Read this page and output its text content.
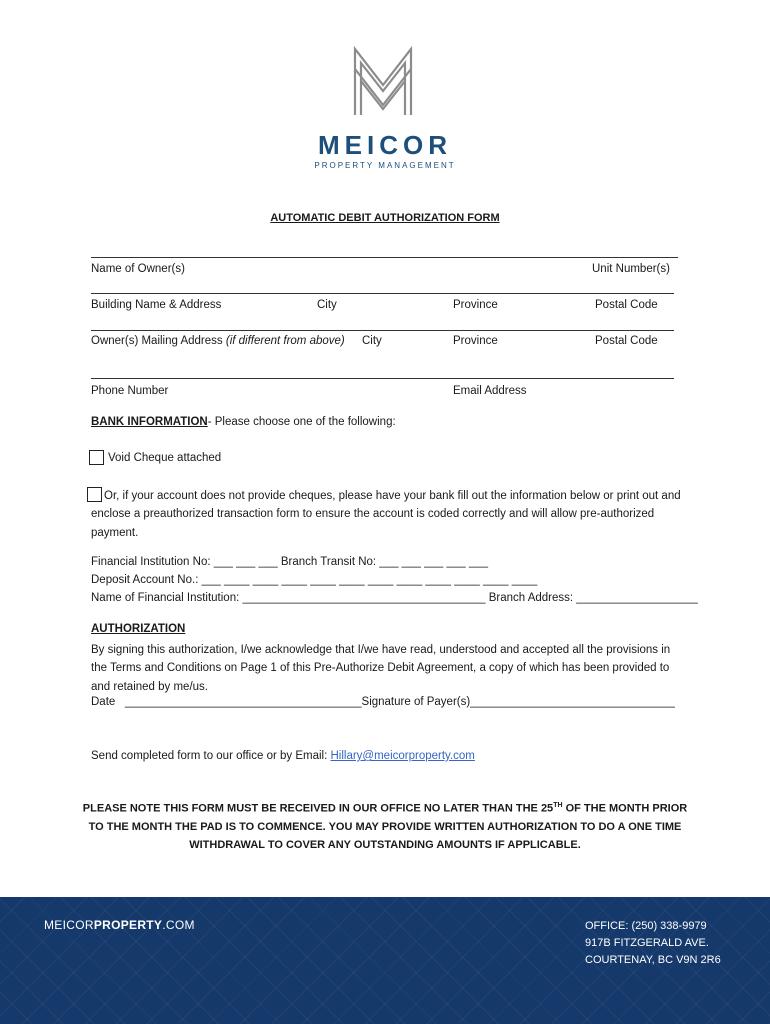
MEICOR
PROPERTY MANAGEMENT
AUTOMATIC DEBIT AUTHORIZATION FORM
Name of Owner(s)	Unit Number(s)
Building Name & Address	City	Province	Postal Code
Owner(s) Mailing Address (if different from above) City	Province	Postal Code
Phone Number	Email Address
BANK INFORMATION- Please choose one of the following:
Void Cheque attached
Or, if your account does not provide cheques, please have your bank fill out the information below or print out and enclose a preauthorized transaction form to ensure the account is coded correctly and will allow pre-authorized payment.
Financial Institution No: ___ ___ ___ Branch Transit No: ___ ___ ___ ___ ___
Deposit Account No.: ___ ____ ____ ____ ____ ____ ____ ____ ____ ____ ____ ____
Name of Financial Institution: ______________________________________ Branch Address: ___________________
AUTHORIZATION
By signing this authorization, I/we acknowledge that I/we have read, understood and accepted all the provisions in the Terms and Conditions on Page 1 of this Pre-Authorize Debit Agreement, a copy of which has been provided to and retained by me/us.
Date   _____________________________________Signature of Payer(s)________________________________
Send completed form to our office or by Email: Hillary@meicorproperty.com
PLEASE NOTE THIS FORM MUST BE RECEIVED IN OUR OFFICE NO LATER THAN THE 25TH OF THE MONTH PRIOR TO THE MONTH THE PAD IS TO COMMENCE. YOU MAY PROVIDE WRITTEN AUTHORIZATION TO DO A ONE TIME WITHDRAWAL TO COVER ANY OUTSTANDING AMOUNTS IF APPLICABLE.
MEICORPROPERTY.COM	OFFICE: (250) 338-9979
917B FITZGERALD AVE.
COURTENAY, BC V9N 2R6
